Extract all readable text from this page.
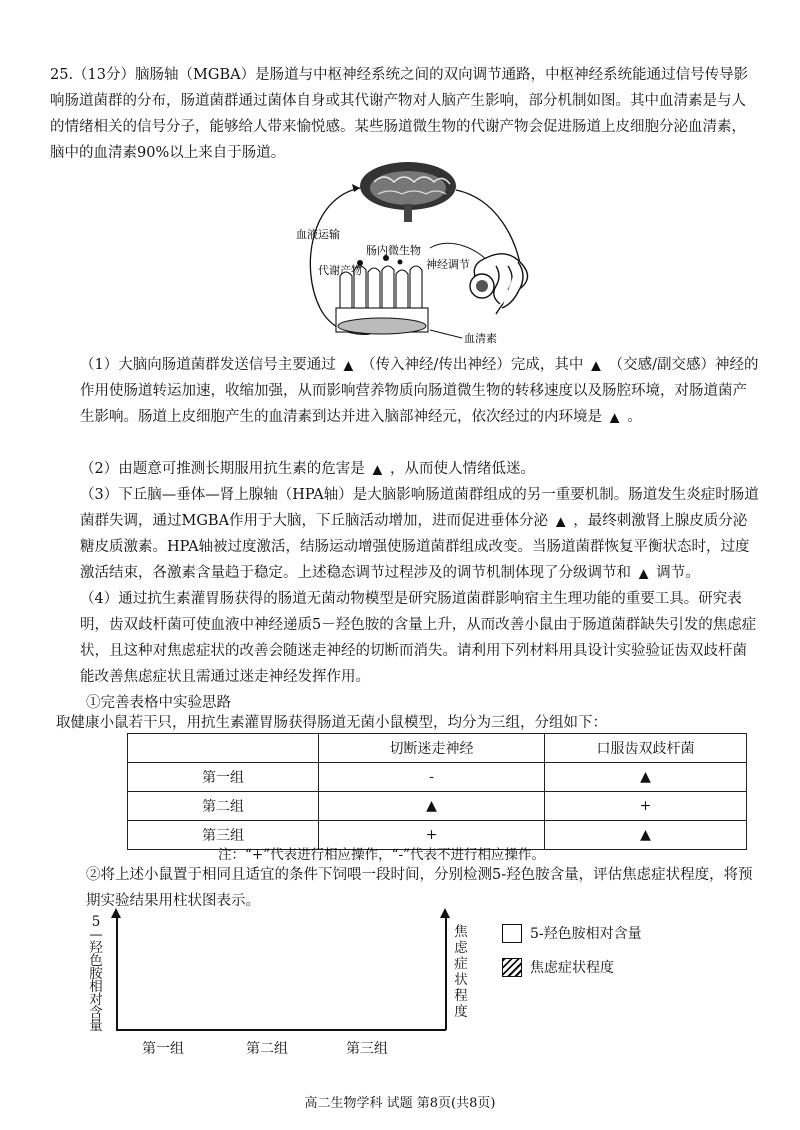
25.（13分）脑肠轴（MGBA）是肠道与中枢神经系统之间的双向调节通路，中枢神经系统能通过信号传导影响肠道菌群的分布，肠道菌群通过菌体自身或其代谢产物对人脑产生影响，部分机制如图。其中血清素是与人的情绪相关的信号分子，能够给人带来愉悦感。某些肠道微生物的代谢产物会促进肠道上皮细胞分泌血清素，脑中的血清素90%以上来自于肠道。

血液运输
肠内微生物
神经调节
代谢产物
血清素

（1）大脑向肠道菌群发送信号主要通过 ▲ （传入神经/传出神经）完成，其中 ▲ （交感/副交感）神经的作用使肠道转运加速，收缩加强，从而影响营养物质向肠道微生物的转移速度以及肠腔环境，对肠道菌产生影响。肠道上皮细胞产生的血清素到达并进入脑部神经元，依次经过的内环境是 ▲ 。

（2）由题意可推测长期服用抗生素的危害是 ▲ ，从而使人情绪低迷。

（3）下丘脑—垂体—肾上腺轴（HPA轴）是大脑影响肠道菌群组成的另一重要机制。肠道发生炎症时肠道菌群失调，通过MGBA作用于大脑，下丘脑活动增加，进而促进垂体分泌 ▲ ，最终刺激肾上腺皮质分泌糖皮质激素。HPA轴被过度激活，结肠运动增强使肠道菌群组成改变。当肠道菌群恢复平衡状态时，过度激活结束，各激素含量趋于稳定。上述稳态调节过程涉及的调节机制体现了分级调节和 ▲ 调节。

（4）通过抗生素灌胃肠获得的肠道无菌动物模型是研究肠道菌群影响宿主生理功能的重要工具。研究表明，齿双歧杆菌可使血液中神经递质5－羟色胺的含量上升，从而改善小鼠由于肠道菌群缺失引发的焦虑症状，且这种对焦虑症状的改善会随迷走神经的切断而消失。请利用下列材料用具设计实验验证齿双歧杆菌能改善焦虑症状且需通过迷走神经发挥作用。

①完善表格中实验思路

取健康小鼠若干只，用抗生素灌胃肠获得肠道无菌小鼠模型，均分为三组，分组如下：

	切断迷走神经	口服齿双歧杆菌
第一组	-	▲
第二组	▲	+
第三组	+	▲
注：“+”代表进行相应操作，“-”代表不进行相应操作。

②将上述小鼠置于相同且适宜的条件下饲喂一段时间，分别检测5-羟色胺含量，评估焦虑症状程度，将预期实验结果用柱状图表示。

5—羟色胺相对含量
焦虑症状程度
第一组	第二组	第三组
5-羟色胺相对含量
焦虑症状程度
高二生物学科 试题 第8页(共8页)
